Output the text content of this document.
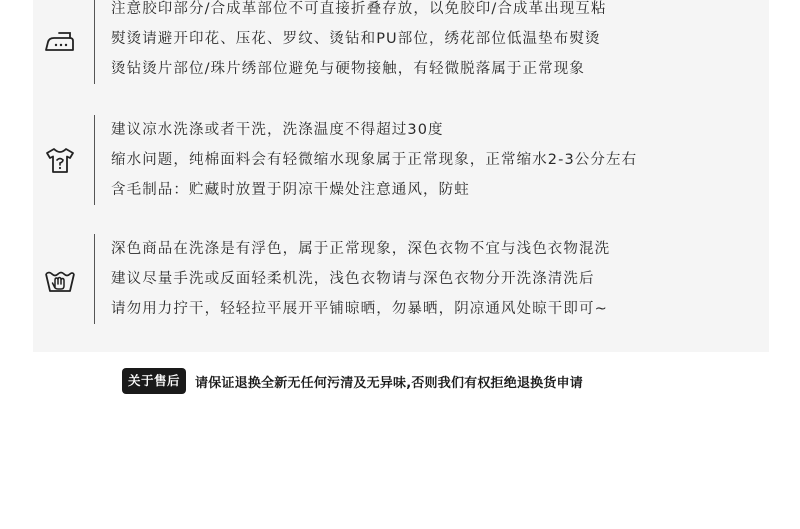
注意胶印部分/合成革部位不可直接折叠存放，以免胶印/合成革出现互粘
熨烫请避开印花、压花、罗纹、烫钻和PU部位，绣花部位低温垫布熨烫
烫钻烫片部位/珠片绣部位避免与硬物接触，有轻微脱落属于正常现象
建议凉水洗涤或者干洗，洗涤温度不得超过30度
缩水问题，纯棉面料会有轻微缩水现象属于正常现象，正常缩水2-3公分左右
含毛制品：贮藏时放置于阴凉干燥处注意通风，防蛀
深色商品在洗涤是有浮色，属于正常现象，深色衣物不宜与浅色衣物混洗
建议尽量手洗或反面轻柔机洗，浅色衣物请与深色衣物分开洗涤清洗后
请勿用力拧干，轻轻拉平展开平铺晾晒，勿暴晒，阴凉通风处晾干即可~
关于售后	请保证退换全新无任何污清及无异味,否则我们有权拒绝退换货申请
